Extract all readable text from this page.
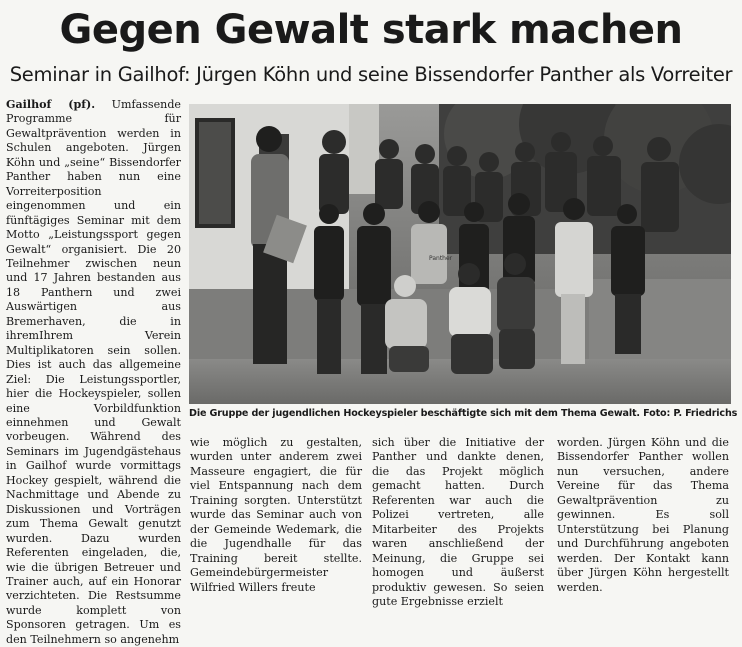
Gegen Gewalt stark machen
Seminar in Gailhof: Jürgen Köhn und seine Bissendorfer Panther als Vorreiter

Gailhof (pf). Umfassende Programme für Gewaltprävention werden in Schulen angeboten. Jürgen Köhn und „seine“ Bissendorfer Panther haben nun eine Vorreiterposition eingenommen und ein fünftägiges Seminar mit dem Motto „Leistungssport gegen Gewalt“ organisiert. Die 20 Teilnehmer zwischen neun und 17 Jahren bestanden aus 18 Panthern und zwei Auswärtigen aus Bremerhaven, die in ihremIhrem Verein Multiplikatoren sein sollen. Dies ist auch das allgemeine Ziel: Die Leistungssportler, hier die Hockeyspieler, sollen eine Vorbildfunktion einnehmen und Gewalt vorbeugen. Während des Seminars im Jugendgästehaus in Gailhof wurde vormittags Hockey gespielt, während die Nachmittage und Abende zu Diskussionen und Vorträgen zum Thema Gewalt genutzt wurden. Dazu wurden Referenten eingeladen, die, wie die übrigen Betreuer und Trainer auch, auf ein Honorar verzichteten. Die Restsumme wurde komplett von Sponsoren getragen. Um es den Teilnehmern so angenehm

Panther
Die Gruppe der jugendlichen Hockeyspieler beschäftigte sich mit dem Thema Gewalt. Foto: P. Friedrichs

wie möglich zu gestalten, wurden unter anderem zwei Masseure engagiert, die für viel Entspannung nach dem Training sorgten. Unterstützt wurde das Seminar auch von der Gemeinde Wedemark, die die Jugendhalle für das Training bereit stellte. Gemeindebürgermeister Wilfried Willers freute

sich über die Initiative der Panther und dankte denen, die das Projekt möglich gemacht hatten. Durch Referenten war auch die Polizei vertreten, alle Mitarbeiter des Projekts waren anschließend der Meinung, die Gruppe sei homogen und äußerst produktiv gewesen. So seien gute Ergebnisse erzielt

worden. Jürgen Köhn und die Bissendorfer Panther wollen nun versuchen, andere Vereine für das Thema Gewaltprävention zu gewinnen. Es soll Unterstützung bei Planung und Durchführung angeboten werden. Der Kontakt kann über Jürgen Köhn hergestellt werden.
